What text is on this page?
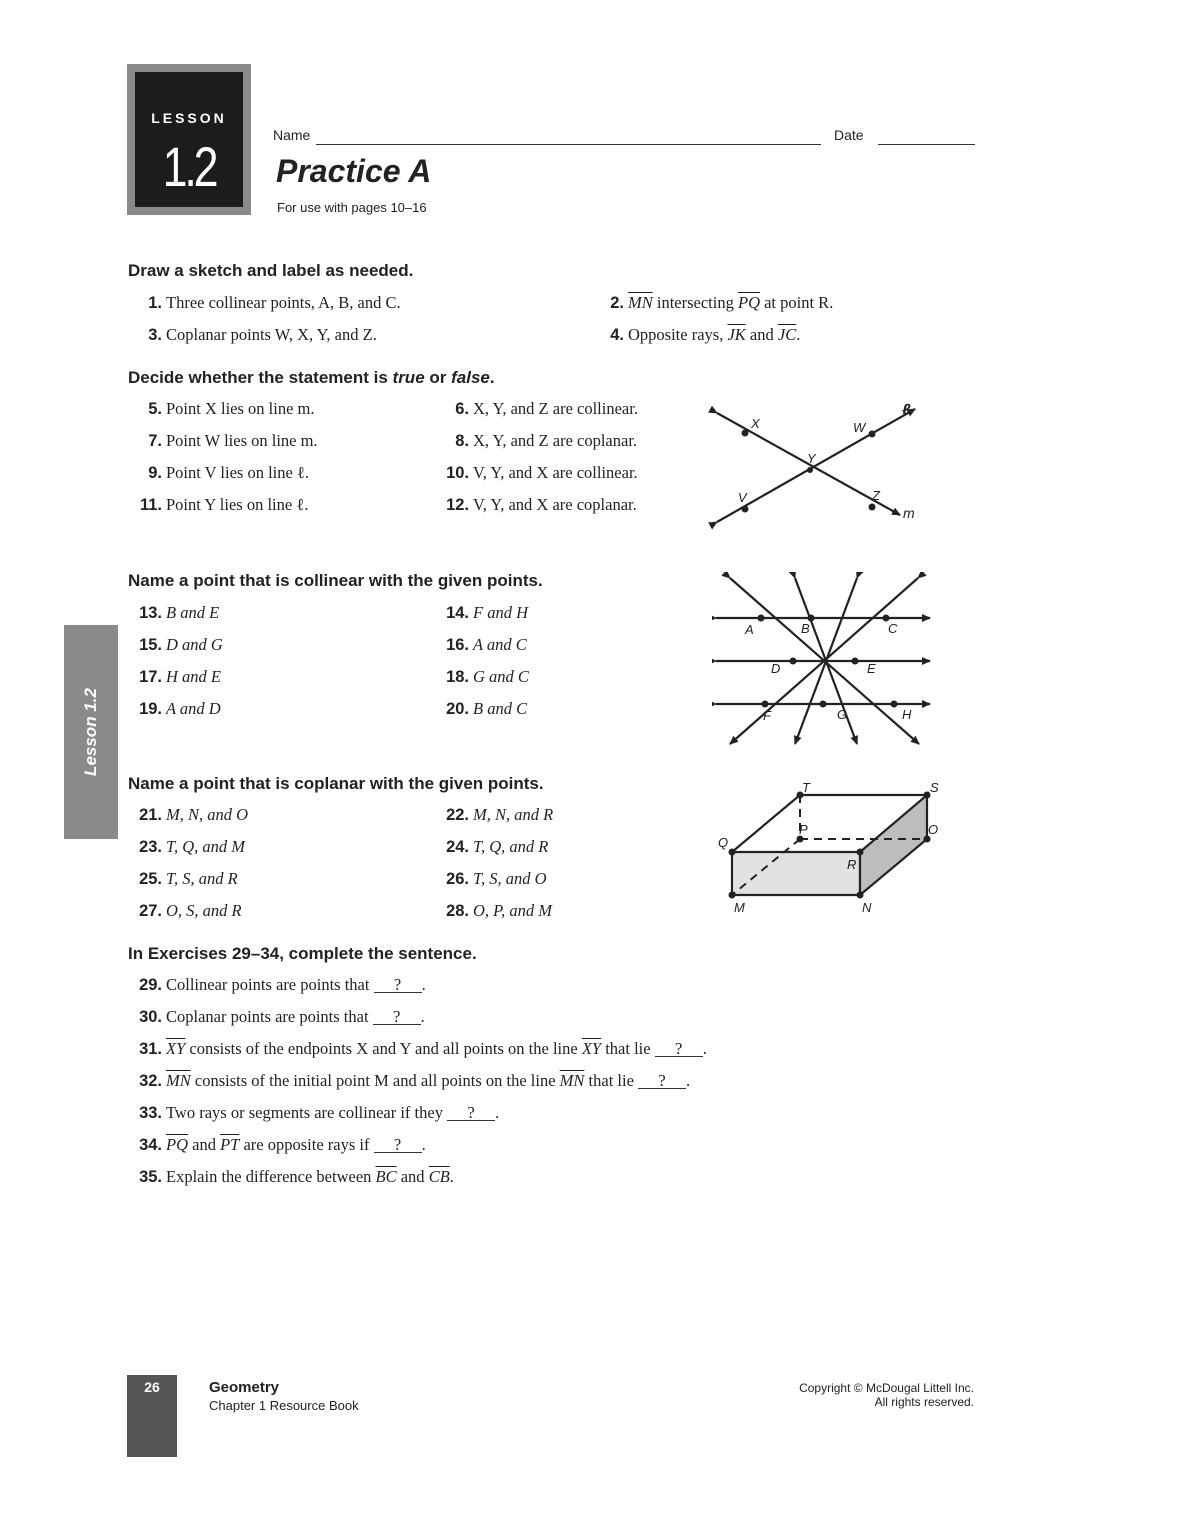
LESSON
1.2	Name	Date
Practice A
For use with pages 10–16
Draw a sketch and label as needed.
1. Three collinear points, A, B, and C.	2. $\overline{MN}$ intersecting $\overline{PQ}$ at point R.
3. Coplanar points W, X, Y, and Z.	4. Opposite rays, $\overline{JK}$ and $\overline{JC}$.
Decide whether the statement is true or false.
5. Point X lies on line m.	6. X, Y, and Z are collinear.
7. Point W lies on line m.	8. X, Y, and Z are coplanar.
9. Point V lies on line ℓ.	10. V, Y, and X are collinear.
11. Point Y lies on line ℓ.	12. V, Y, and X are coplanar.
X	W
ℓ
Y
V	Z
m
Name a point that is collinear with the given points.
13. B and E	14. F and H
15. D and G	16. A and C
17. H and E	18. G and C
19. A and D	20. B and C
A	B	C
D	E
F	G	H
Lesson 1.2
Name a point that is coplanar with the given points.
21. M, N, and O	22. M, N, and R
23. T, Q, and M	24. T, Q, and R
25. T, S, and R	26. T, S, and O
27. O, S, and R	28. O, P, and M
T	S
P	O
Q
R
M	N
In Exercises 29–34, complete the sentence.
29. Collinear points are points that ? .
30. Coplanar points are points that ? .
31. $\overline{XY}$ consists of the endpoints X and Y and all points on the line $\overline{XY}$ that lie ? .
32. $\overline{MN}$ consists of the initial point M and all points on the line $\overline{MN}$ that lie ? .
33. Two rays or segments are collinear if they ? .
34. $\overline{PQ}$ and $\overline{PT}$ are opposite rays if ? .
35. Explain the difference between $\overline{BC}$ and $\overline{CB}$.
26	Geometry
Chapter 1 Resource Book
Copyright © McDougal Littell Inc.
All rights reserved.
